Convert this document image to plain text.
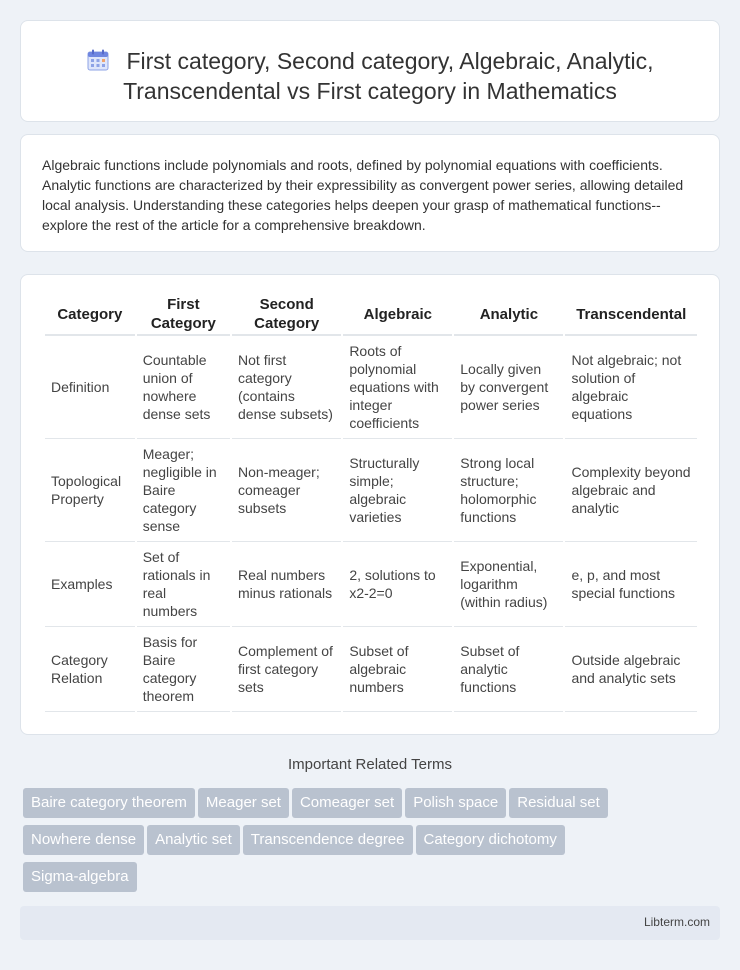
First category, Second category, Algebraic, Analytic, Transcendental vs First category in Mathematics

Algebraic functions include polynomials and roots, defined by polynomial equations with coefficients. Analytic functions are characterized by their expressibility as convergent power series, allowing detailed local analysis. Understanding these categories helps deepen your grasp of mathematical functions--explore the rest of the article for a comprehensive breakdown.

Category	First Category	Second Category	Algebraic	Analytic	Transcendental
Definition	Countable union of nowhere dense sets	Not first category (contains dense subsets)	Roots of polynomial equations with integer coefficients	Locally given by convergent power series	Not algebraic; not solution of algebraic equations
Topological Property	Meager; negligible in Baire category sense	Non-meager; comeager subsets	Structurally simple; algebraic varieties	Strong local structure; holomorphic functions	Complexity beyond algebraic and analytic
Examples	Set of rationals in real numbers	Real numbers minus rationals	2, solutions to x2-2=0	Exponential, logarithm (within radius)	e, p, and most special functions
Category Relation	Basis for Baire category theorem	Complement of first category sets	Subset of algebraic numbers	Subset of analytic functions	Outside algebraic and analytic sets
Important Related Terms
Baire category theorem Meager set Comeager set Polish space Residual set
Nowhere dense Analytic set Transcendence degree Category dichotomy
Sigma-algebra
Libterm.com
